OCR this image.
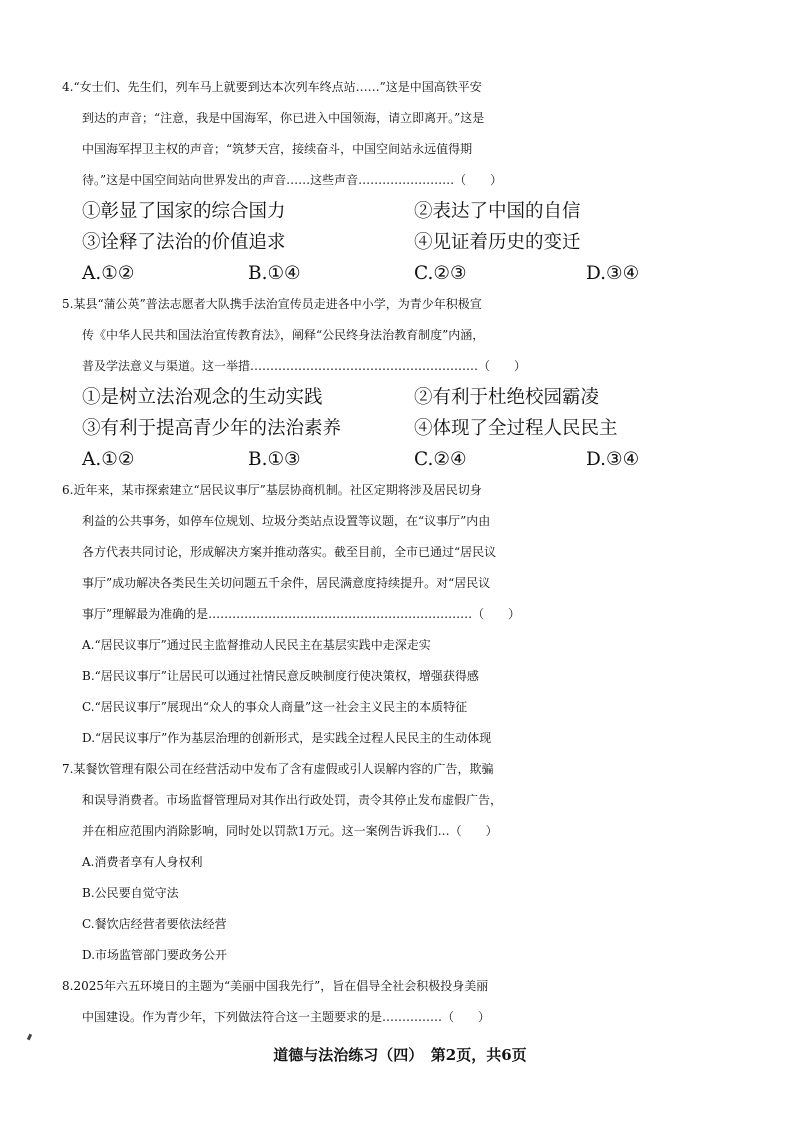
4.“女士们、先生们，列车马上就要到达本次列车终点站……”这是中国高铁平安
到达的声音；“注意，我是中国海军，你已进入中国领海，请立即离开。”这是
中国海军捍卫主权的声音；“筑梦天宫，接续奋斗，中国空间站永远值得期
待。”这是中国空间站向世界发出的声音……这些声音……………………（　　）
①彰显了国家的综合国力	②表达了中国的自信
③诠释了法治的价值追求	④见证着历史的变迁
A.①②	B.①④	C.②③	D.③④
5.某县“蒲公英”普法志愿者大队携手法治宣传员走进各中小学，为青少年积极宣
传《中华人民共和国法治宣传教育法》，阐释“公民终身法治教育制度”内涵，
普及学法意义与渠道。这一举措…………………………………………………（　　）
①是树立法治观念的生动实践	②有利于杜绝校园霸凌
③有利于提高青少年的法治素养	④体现了全过程人民民主
A.①②	B.①③	C.②④	D.③④
6.近年来，某市探索建立“居民议事厅”基层协商机制。社区定期将涉及居民切身
利益的公共事务，如停车位规划、垃圾分类站点设置等议题，在“议事厅”内由
各方代表共同讨论，形成解决方案并推动落实。截至目前，全市已通过“居民议
事厅”成功解决各类民生关切问题五千余件，居民满意度持续提升。对“居民议
事厅”理解最为准确的是…………………………………………………………（　　）
A.“居民议事厅”通过民主监督推动人民民主在基层实践中走深走实
B.“居民议事厅”让居民可以通过社情民意反映制度行使决策权，增强获得感
C.“居民议事厅”展现出“众人的事众人商量”这一社会主义民主的本质特征
D.“居民议事厅”作为基层治理的创新形式，是实践全过程人民民主的生动体现
7.某餐饮管理有限公司在经营活动中发布了含有虚假或引人误解内容的广告，欺骗
和误导消费者。市场监督管理局对其作出行政处罚，责令其停止发布虚假广告，
并在相应范围内消除影响，同时处以罚款1万元。这一案例告诉我们…（　　）
A.消费者享有人身权利
B.公民要自觉守法
C.餐饮店经营者要依法经营
D.市场监管部门要政务公开
8.2025年六五环境日的主题为“美丽中国我先行”，旨在倡导全社会积极投身美丽
中国建设。作为青少年，下列做法符合这一主题要求的是……………（　　）
道德与法治练习（四）　第2页，共6页
